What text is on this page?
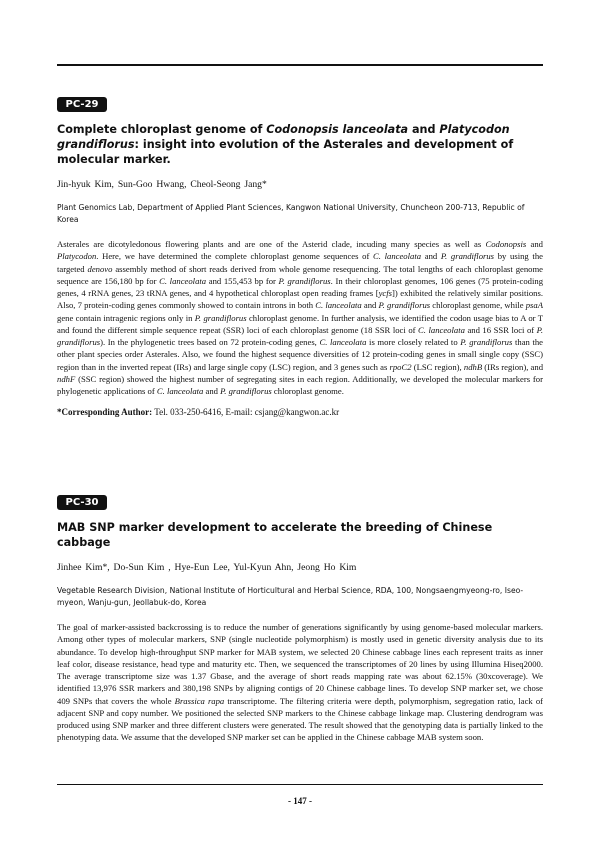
PC-29
Complete chloroplast genome of Codonopsis lanceolata and Platycodon grandiflorus: insight into evolution of the Asterales and development of molecular marker.
Jin-hyuk Kim, Sun-Goo Hwang, Cheol-Seong Jang*
Plant Genomics Lab, Department of Applied Plant Sciences, Kangwon National University, Chuncheon 200-713, Republic of Korea
Asterales are dicotyledonous flowering plants and are one of the Asterid clade, incuding many species as well as Codonopsis and Platycodon. Here, we have determined the complete chloroplast genome sequences of C. lanceolata and P. grandiflorus by using the targeted denovo assembly method of short reads derived from whole genome resequencing. The total lengths of each chloroplast genome sequence are 156,180 bp for C. lanceolata and 155,453 bp for P. grandiflorus. In their chloroplast genomes, 106 genes (75 protein-coding genes, 4 rRNA genes, 23 tRNA genes, and 4 hypothetical chloroplast open reading frames [ycfs]) exhibited the relatively similar positions. Also, 7 protein-coding genes commonly showed to contain introns in both C. lanceolata and P. grandiflorus chloroplast genome, while psaA gene contain intragenic regions only in P. grandiflorus chloroplast genome. In further analysis, we identified the codon usage bias to A or T and found the different simple sequence repeat (SSR) loci of each chloroplast genome (18 SSR loci of C. lanceolata and 16 SSR loci of P. grandiflorus). In the phylogenetic trees based on 72 protein-coding genes, C. lanceolata is more closely related to P. grandiflorus than the other plant species order Asterales. Also, we found the highest sequence diversities of 12 protein-coding genes in small single copy (SSC) region than in the inverted repeat (IRs) and large single copy (LSC) region, and 3 genes such as rpoC2 (LSC region), ndhB (IRs region), and ndhF (SSC region) showed the highest number of segregating sites in each region. Additionally, we developed the molecular markers for phylogenetic applications of C. lanceolata and P. grandiflorus chloroplast genome.
*Corresponding Author: Tel. 033-250-6416, E-mail: csjang@kangwon.ac.kr
PC-30
MAB SNP marker development to accelerate the breeding of Chinese cabbage
Jinhee Kim*, Do-Sun Kim , Hye-Eun Lee, Yul-Kyun Ahn, Jeong Ho Kim
Vegetable Research Division, National Institute of Horticultural and Herbal Science, RDA, 100, Nongsaengmyeong-ro, Iseo-myeon, Wanju-gun, Jeollabuk-do, Korea
The goal of marker-assisted backcrossing is to reduce the number of generations significantly by using genome-based molecular markers. Among other types of molecular markers, SNP (single nucleotide polymorphism) is mostly used in genetic diversity analysis due to its abundance. To develop high-throughput SNP marker for MAB system, we selected 20 Chinese cabbage lines each represent traits as inner leaf color, disease resistance, head type and maturity etc. Then, we sequenced the transcriptomes of 20 lines by using Illumina Hiseq2000. The average transcriptome size was 1.37 Gbase, and the average of short reads mapping rate was about 62.15% (30xcoverage). We identified 13,976 SSR markers and 380,198 SNPs by aligning contigs of 20 Chinese cabbage lines. To develop SNP marker set, we chose 409 SNPs that covers the whole Brassica rapa transcriptome. The filtering criteria were depth, polymorphism, segregation ratio, lack of adjacent SNP and copy number. We positioned the selected SNP markers to the Chinese cabbage linkage map. Clustering dendrogram was produced using SNP marker and three different clusters were generated. The result showed that the genotyping data is partially linked to the phenotyping data. We assume that the developed SNP marker set can be applied in the Chinese cabbage MAB system soon.
- 147 -
